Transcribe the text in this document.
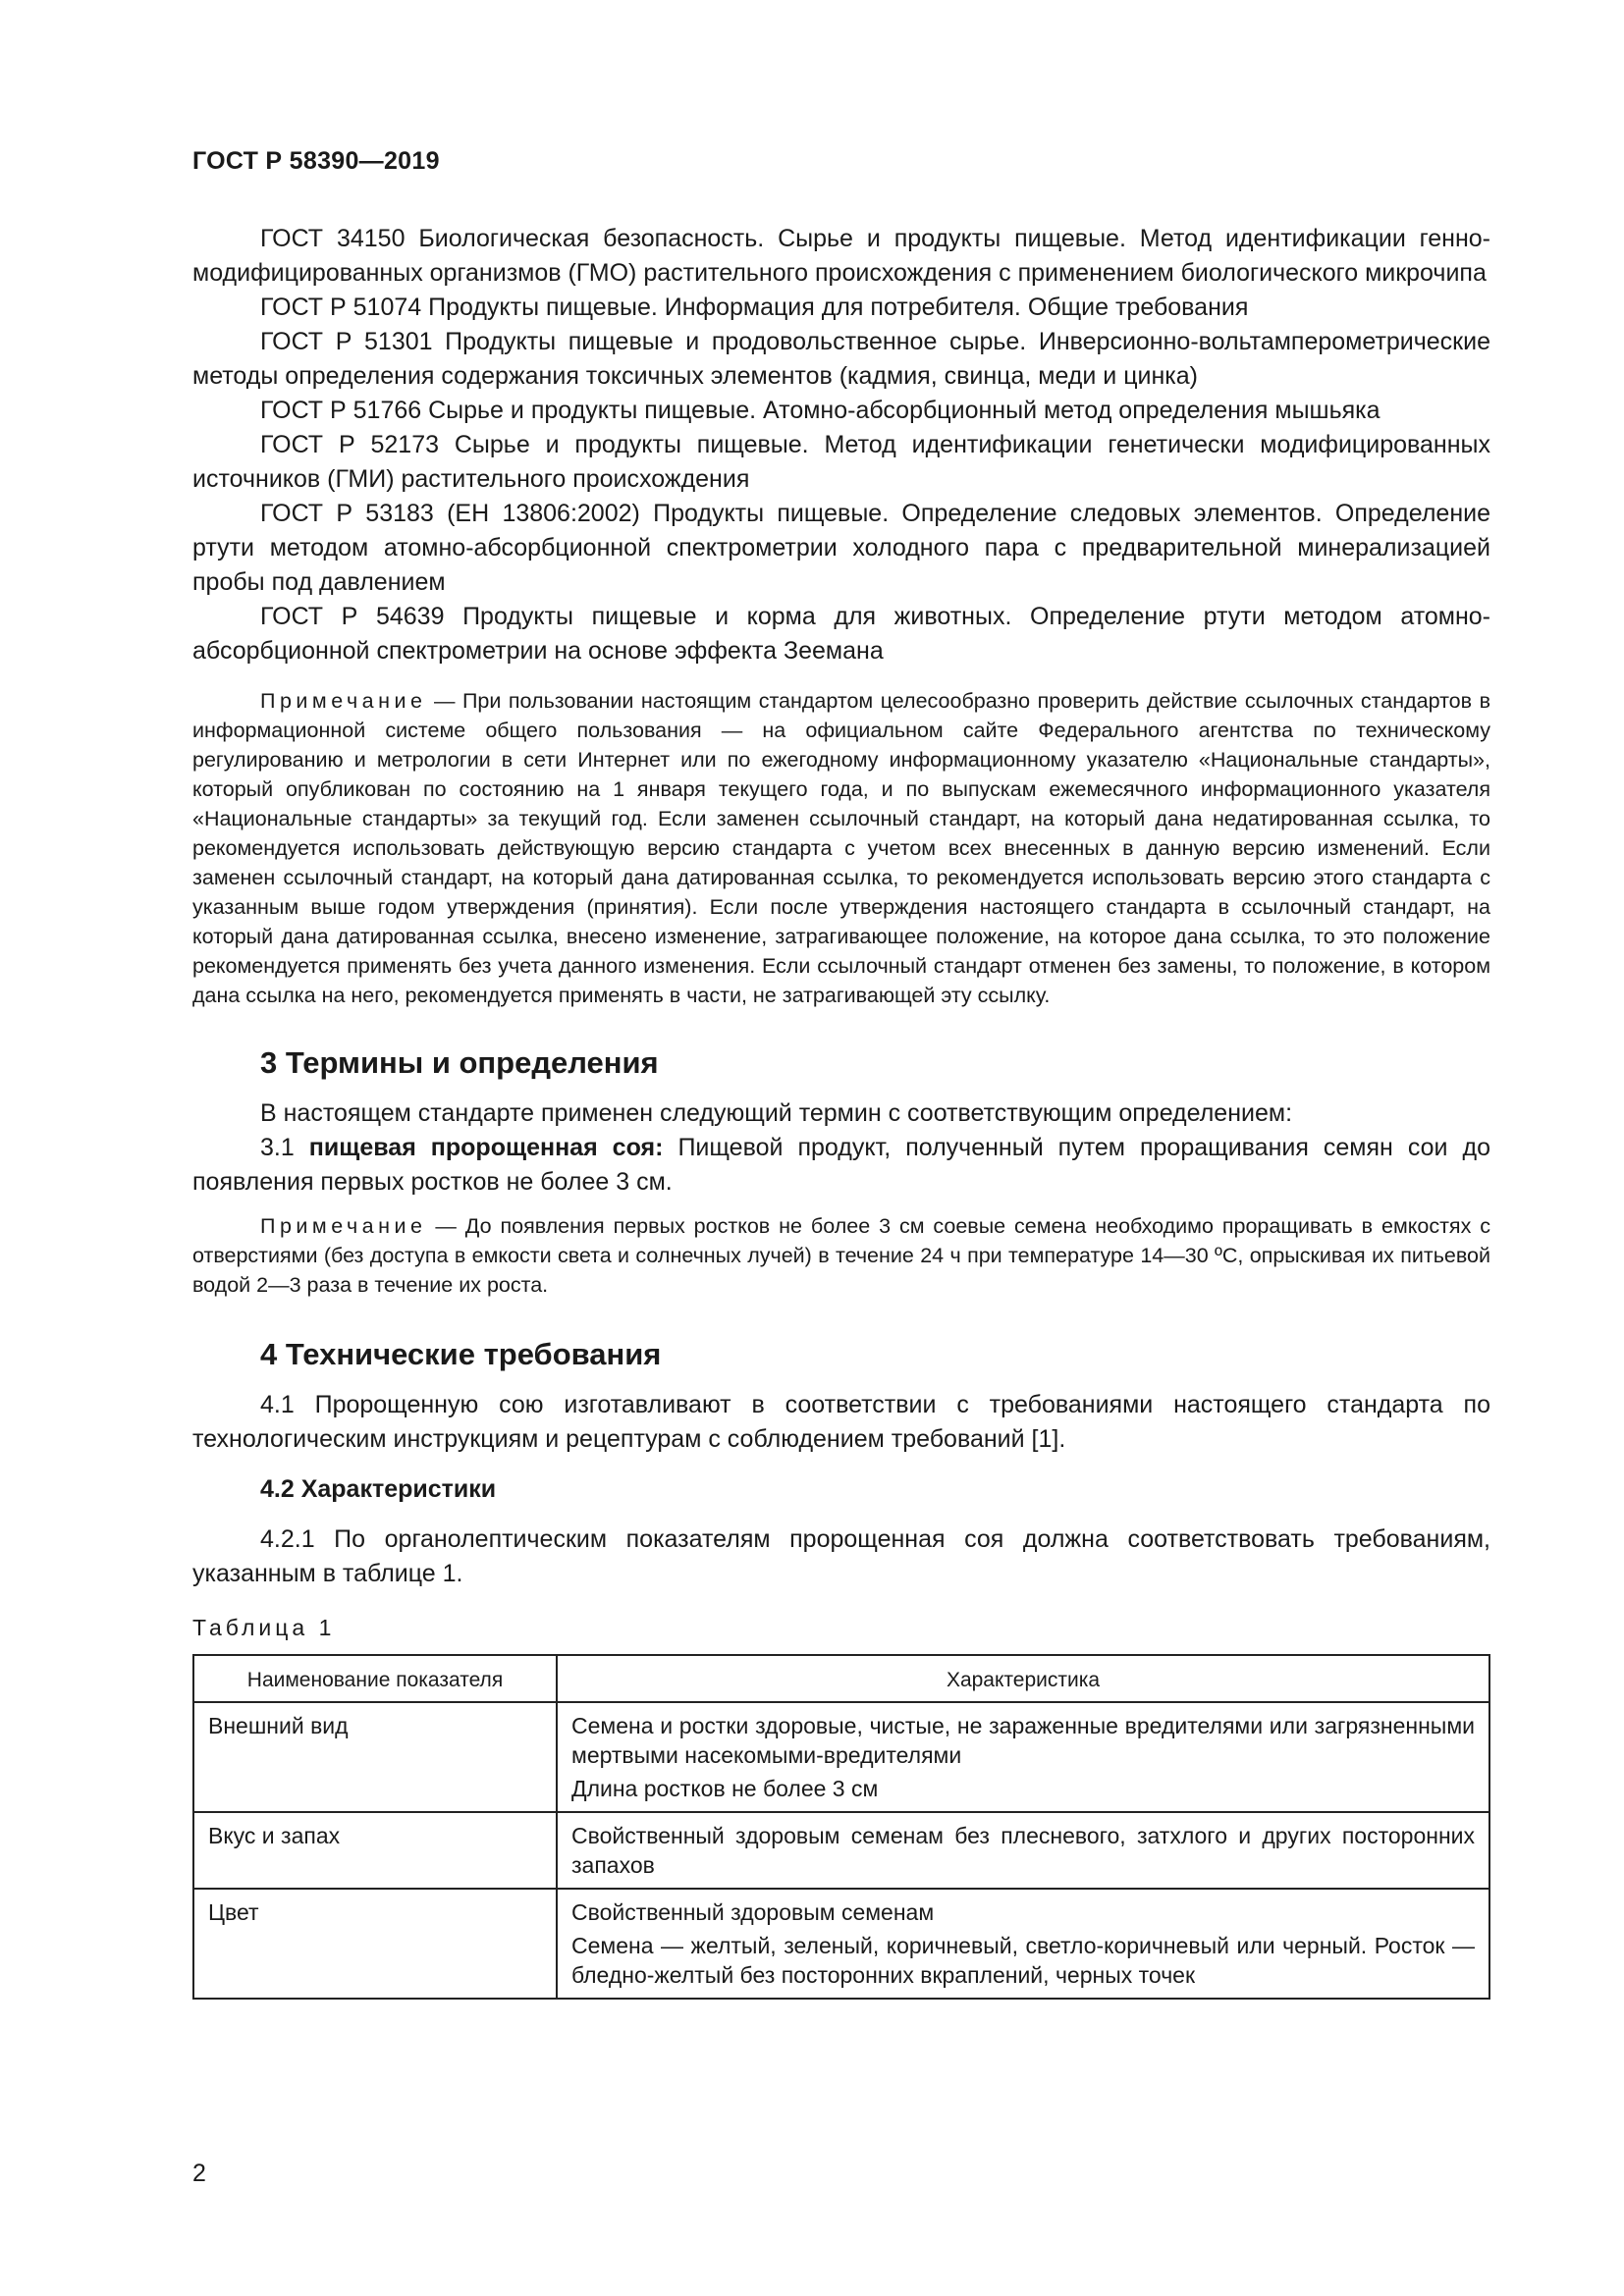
ГОСТ Р 58390—2019

ГОСТ 34150 Биологическая безопасность. Сырье и продукты пищевые. Метод идентификации генно-модифицированных организмов (ГМО) растительного происхождения с применением биологического микрочипа

ГОСТ Р 51074 Продукты пищевые. Информация для потребителя. Общие требования

ГОСТ Р 51301 Продукты пищевые и продовольственное сырье. Инверсионно-вольтамперометрические методы определения содержания токсичных элементов (кадмия, свинца, меди и цинка)

ГОСТ Р 51766 Сырье и продукты пищевые. Атомно-абсорбционный метод определения мышьяка

ГОСТ Р 52173 Сырье и продукты пищевые. Метод идентификации генетически модифицированных источников (ГМИ) растительного происхождения

ГОСТ Р 53183 (ЕН 13806:2002) Продукты пищевые. Определение следовых элементов. Определение ртути методом атомно-абсорбционной спектрометрии холодного пара с предварительной минерализацией пробы под давлением

ГОСТ Р 54639 Продукты пищевые и корма для животных. Определение ртути методом атомно-абсорбционной спектрометрии на основе эффекта Зеемана

Примечание — При пользовании настоящим стандартом целесообразно проверить действие ссылочных стандартов в информационной системе общего пользования — на официальном сайте Федерального агентства по техническому регулированию и метрологии в сети Интернет или по ежегодному информационному указателю «Национальные стандарты», который опубликован по состоянию на 1 января текущего года, и по выпускам ежемесячного информационного указателя «Национальные стандарты» за текущий год. Если заменен ссылочный стандарт, на который дана недатированная ссылка, то рекомендуется использовать действующую версию стандарта с учетом всех внесенных в данную версию изменений. Если заменен ссылочный стандарт, на который дана датированная ссылка, то рекомендуется использовать версию этого стандарта с указанным выше годом утверждения (принятия). Если после утверждения настоящего стандарта в ссылочный стандарт, на который дана датированная ссылка, внесено изменение, затрагивающее положение, на которое дана ссылка, то это положение рекомендуется применять без учета данного изменения. Если ссылочный стандарт отменен без замены, то положение, в котором дана ссылка на него, рекомендуется применять в части, не затрагивающей эту ссылку.

3 Термины и определения

В настоящем стандарте применен следующий термин с соответствующим определением:

3.1 пищевая пророщенная соя: Пищевой продукт, полученный путем проращивания семян сои до появления первых ростков не более 3 см.

Примечание — До появления первых ростков не более 3 см соевые семена необходимо проращивать в емкостях с отверстиями (без доступа в емкости света и солнечных лучей) в течение 24 ч при температуре 14—30 ºС, опрыскивая их питьевой водой 2—3 раза в течение их роста.

4 Технические требования

4.1 Пророщенную сою изготавливают в соответствии с требованиями настоящего стандарта по технологическим инструкциям и рецептурам с соблюдением требований [1].

4.2 Характеристики

4.2.1 По органолептическим показателям пророщенная соя должна соответствовать требованиям, указанным в таблице 1.

Таблица 1

Наименование показателя	Характеристика
Внешний вид	Семена и ростки здоровые, чистые, не зараженные вредителями или загрязненными мертвыми насекомыми-вредителями
Длина ростков не более 3 см

Вкус и запах	Свойственный здоровым семенам без плесневого, затхлого и других посторонних запахов

Цвет	Свойственный здоровым семенам
Семена — желтый, зеленый, коричневый, светло-коричневый или черный. Росток — бледно-желтый без посторонних вкраплений, черных точек
2
